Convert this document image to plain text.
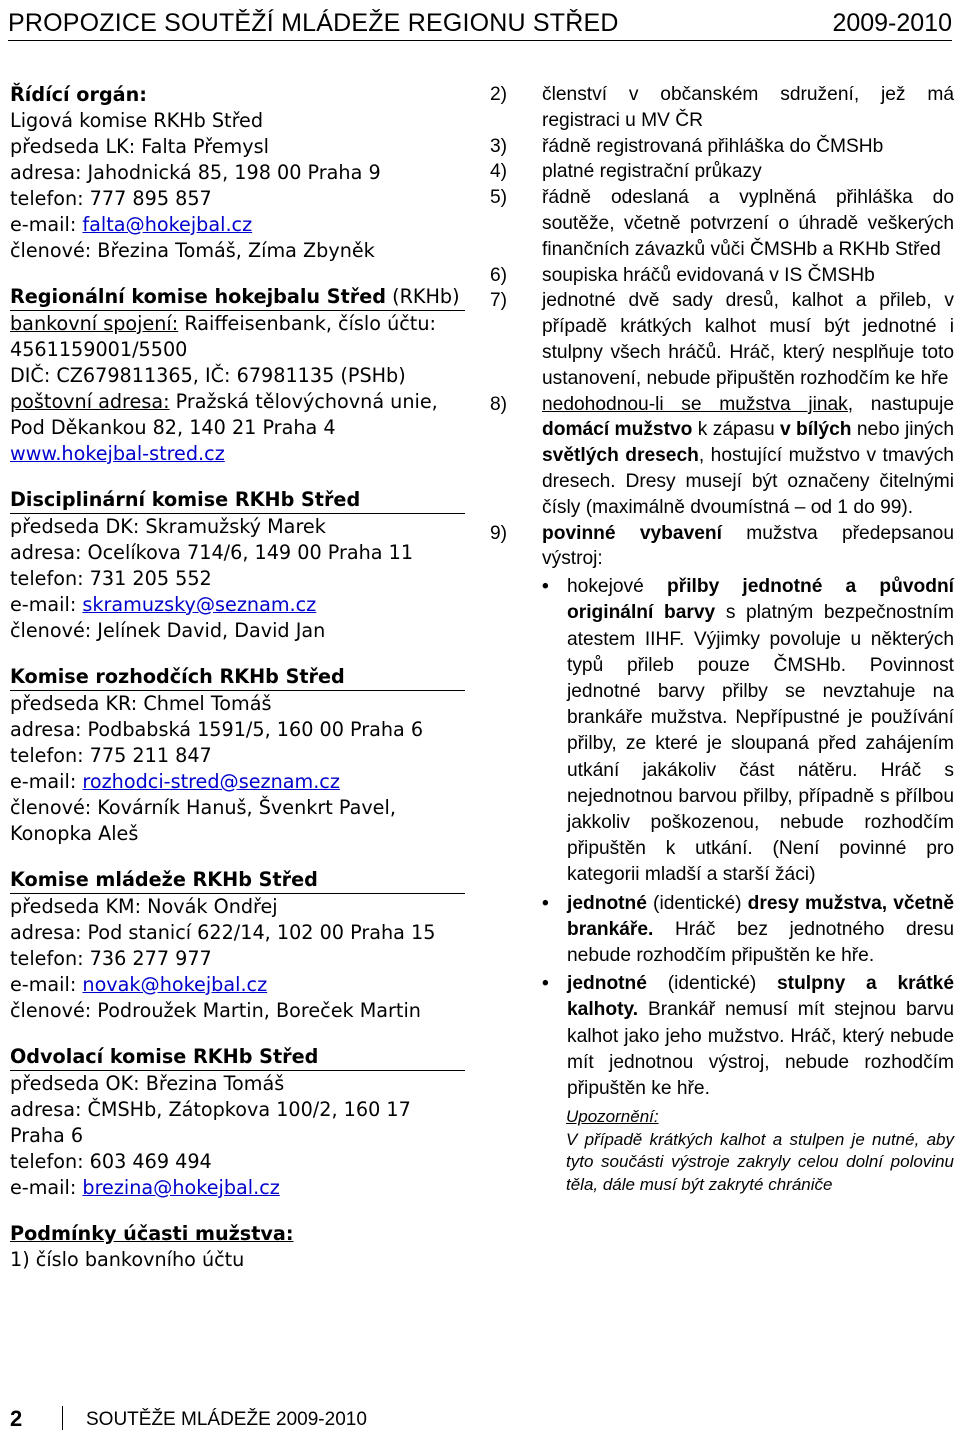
PROPOZICE SOUTĚŽÍ MLÁDEŽE REGIONU STŘED	2009-2010
Řídící orgán:
Ligová komise RKHb Střed
předseda LK: Falta Přemysl
adresa: Jahodnická 85, 198 00 Praha 9
telefon: 777 895 857
e-mail: falta@hokejbal.cz
členové: Březina Tomáš, Zíma Zbyněk
Regionální komise hokejbalu Střed (RKHb)
bankovní spojení: Raiffeisenbank, číslo účtu:
4561159001/5500
DIČ: CZ679811365, IČ: 67981135 (PSHb)
poštovní adresa: Pražská tělovýchovná unie,
Pod Děkankou 82, 140 21 Praha 4
www.hokejbal-stred.cz
Disciplinární komise RKHb Střed
předseda DK: Skramužský Marek
adresa: Ocelíkova 714/6, 149 00 Praha 11
telefon: 731 205 552
e-mail: skramuzsky@seznam.cz
členové: Jelínek David, David Jan
Komise rozhodčích RKHb Střed
předseda KR: Chmel Tomáš
adresa: Podbabská 1591/5, 160 00 Praha 6
telefon: 775 211 847
e-mail: rozhodci-stred@seznam.cz
členové: Kovárník Hanuš, Švenkrt Pavel,
Konopka Aleš
Komise mládeže RKHb Střed
předseda KM: Novák Ondřej
adresa: Pod stanicí 622/14, 102 00 Praha 15
telefon: 736 277 977
e-mail: novak@hokejbal.cz
členové: Podroužek Martin, Boreček Martin
Odvolací komise RKHb Střed
předseda OK: Březina Tomáš
adresa: ČMSHb, Zátopkova 100/2, 160 17
Praha 6
telefon: 603 469 494
e-mail: brezina@hokejbal.cz
Podmínky účasti mužstva:
1) číslo bankovního účtu
2) členství v občanském sdružení, jež má registraci u MV ČR
3) řádně registrovaná přihláška do ČMSHb
4) platné registrační průkazy
5) řádně odeslaná a vyplněná přihláška do soutěže, včetně potvrzení o úhradě veškerých finančních závazků vůči ČMSHb a RKHb Střed
6) soupiska hráčů evidovaná v IS ČMSHb
7) jednotné dvě sady dresů, kalhot a přileb, v případě krátkých kalhot musí být jednotné i stulpny všech hráčů. Hráč, který nesplňuje toto ustanovení, nebude připuštěn rozhodčím ke hře
8) nedohodnou-li se mužstva jinak, nastupuje domácí mužstvo k zápasu v bílých nebo jiných světlých dresech, hostující mužstvo v tmavých dresech. Dresy musejí být označeny čitelnými čísly (maximálně dvoumístná – od 1 do 99).
9) povinné vybavení mužstva předepsanou výstroj:
• hokejové přilby jednotné a původní originální barvy s platným bezpečnostním atestem IIHF. Výjimky povoluje u některých typů přileb pouze ČMSHb. Povinnost jednotné barvy přilby se nevztahuje na brankáře mužstva. Nepřípustné je používání přilby, ze které je sloupaná před zahájením utkání jakákoliv část nátěru. Hráč s nejednotnou barvou přilby, případně s přílbou jakkoliv poškozenou, nebude rozhodčím připuštěn k utkání. (Není povinné pro kategorii mladší a starší žáci)
• jednotné (identické) dresy mužstva, včetně brankáře. Hráč bez jednotného dresu nebude rozhodčím připuštěn ke hře.
• jednotné (identické) stulpny a krátké kalhoty. Brankář nemusí mít stejnou barvu kalhot jako jeho mužstvo. Hráč, který nebude mít jednotnou výstroj, nebude rozhodčím připuštěn ke hře.
Upozornění:
V případě krátkých kalhot a stulpen je nutné, aby tyto součásti výstroje zakryly celou dolní polovinu těla, dále musí být zakryté chrániče
2	SOUTĚŽE MLÁDEŽE 2009-2010
